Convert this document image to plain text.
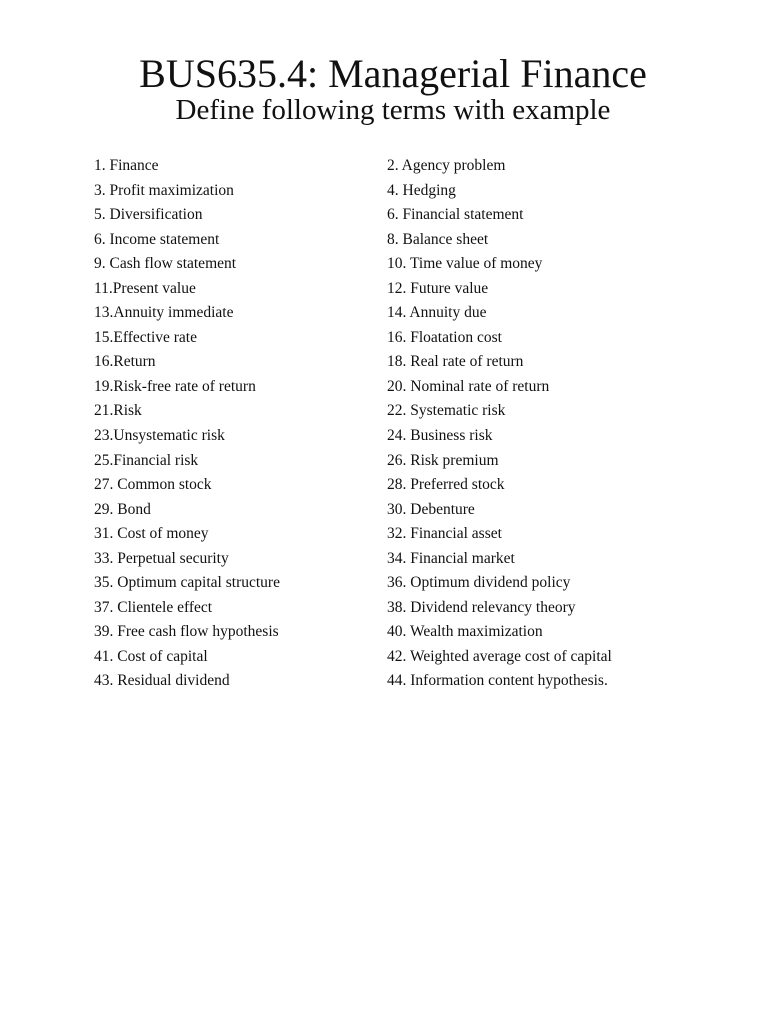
BUS635.4: Managerial Finance
Define following terms with example
1. Finance	2. Agency problem
3. Profit maximization	4. Hedging
5. Diversification	6. Financial statement
6. Income statement	8. Balance sheet
9. Cash flow statement	10. Time value of money
11.Present value	12. Future value
13.Annuity immediate	14. Annuity due
15.Effective rate	16. Floatation cost
16.Return	18. Real rate of return
19.Risk-free rate of return	20. Nominal rate of return
21.Risk	22. Systematic risk
23.Unsystematic risk	24. Business risk
25.Financial risk	26. Risk premium
27. Common stock	28. Preferred stock
29. Bond	30. Debenture
31. Cost of money	32. Financial asset
33. Perpetual security	34. Financial market
35. Optimum capital structure	36. Optimum dividend policy
37. Clientele effect	38. Dividend relevancy theory
39. Free cash flow hypothesis	40. Wealth maximization
41. Cost of capital	42. Weighted average cost of capital
43. Residual dividend	44. Information content hypothesis.
